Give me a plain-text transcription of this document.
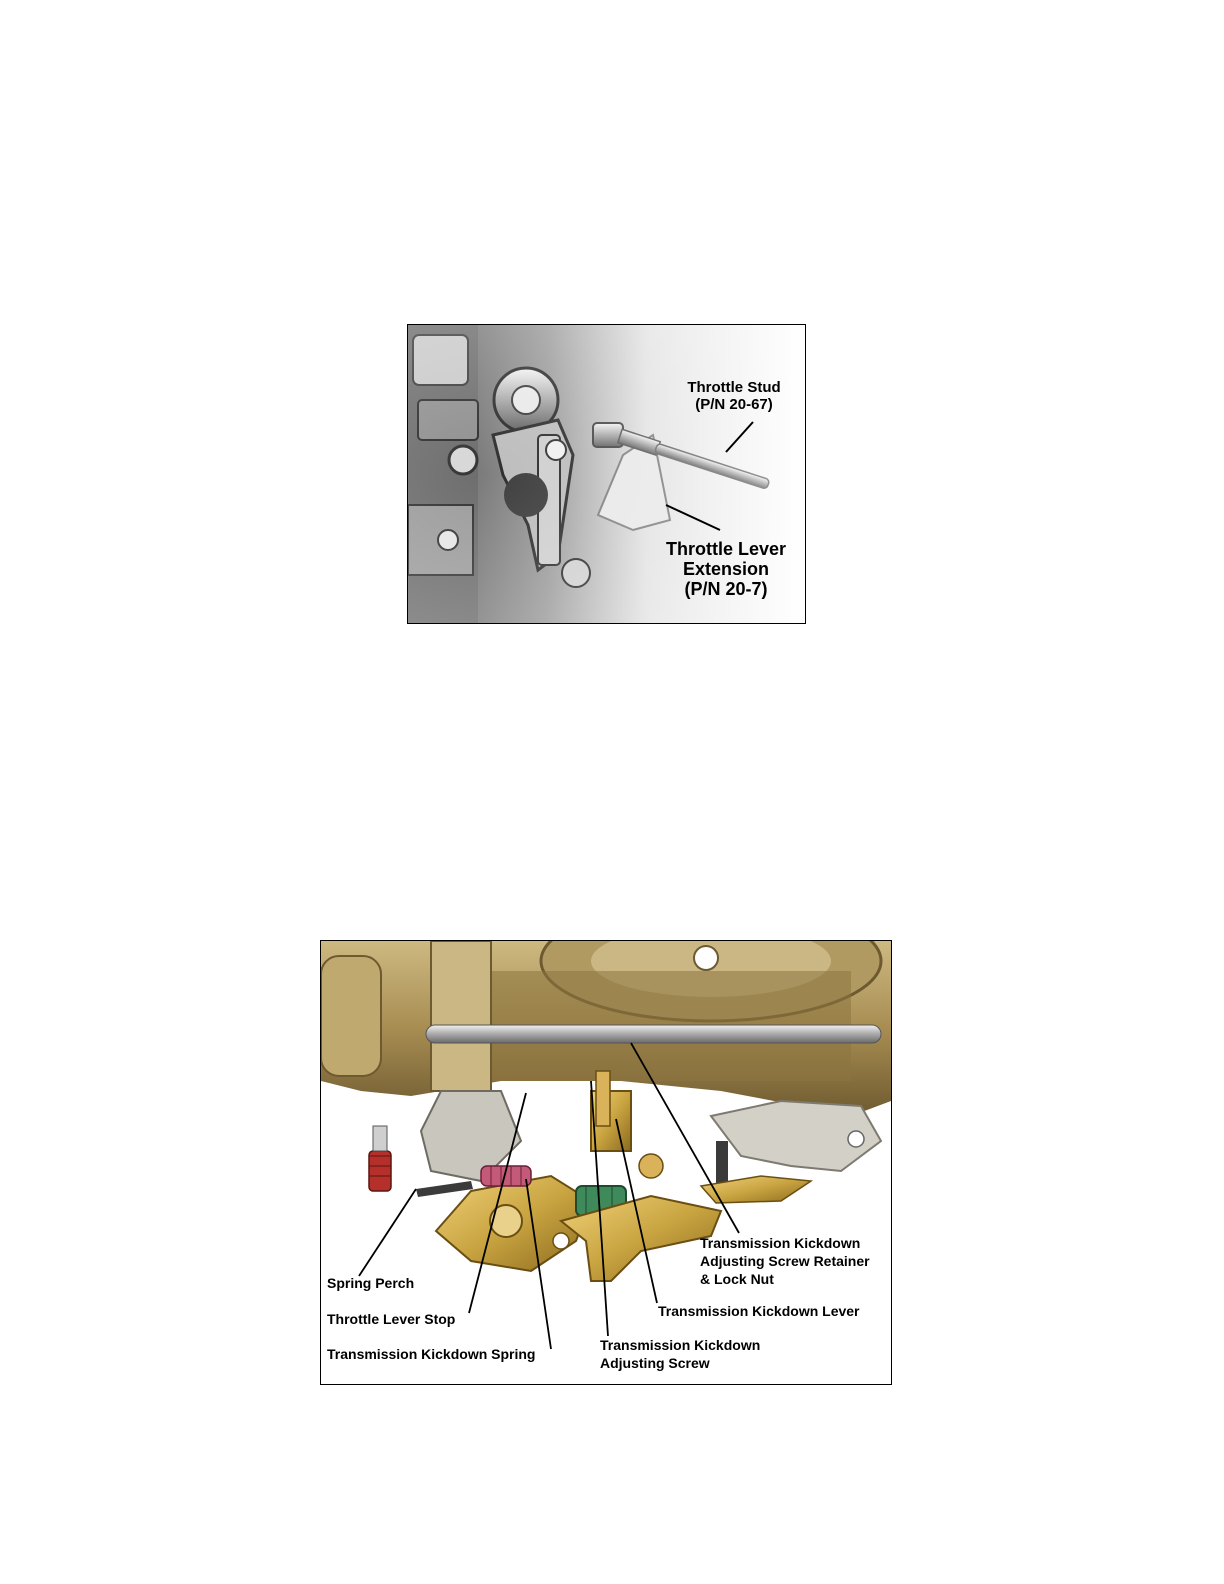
Throttle Stud
(P/N 20-67)
Throttle Lever
Extension
(P/N 20-7)
Spring Perch
Throttle Lever Stop
Transmission Kickdown Spring
Transmission Kickdown
Adjusting Screw
Transmission Kickdown Lever
Transmission Kickdown
Adjusting Screw Retainer
& Lock Nut
